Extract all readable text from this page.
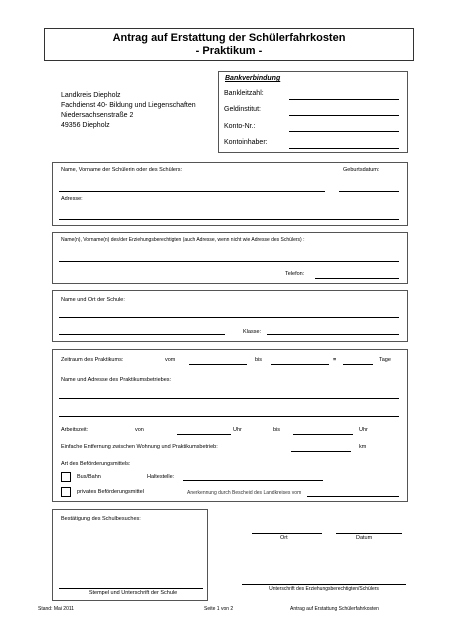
Antrag auf Erstattung der Schülerfahrkosten
- Praktikum -
Landkreis Diepholz
Fachdienst 40- Bildung und Liegenschaften
Niedersachsenstraße 2
49356 Diepholz
Bankverbindung
Bankleitzahl:
Geldinstitut:
Konto-Nr.:
Kontoinhaber:
Name, Vorname der Schülerin oder des Schülers:	Geburtsdatum:
Adresse:
Name(n), Vorname(n) des/der Erziehungsberechtigten (auch Adresse, wenn nicht wie Adresse des Schülers) :
Telefon:
Name und Ort der Schule:
Klasse:
Zeitraum des Praktikums:	vom	bis	=	Tage
Name und Adresse des Praktikumsbetriebes:
Arbeitszeit:	von	Uhr	bis	Uhr
Einfache Entfernung zwischen Wohnung und Praktikumsbetrieb:	km
Art des Beförderungsmittels:
Bus/Bahn	Haltestelle:
privates Beförderungsmittel	Anerkennung durch Bescheid des Landkreises vom
Bestätigung des Schulbesuches:
Stempel und Unterschrift der Schule
Ort	Datum
Unterschrift des Erziehungsberechtigten/Schülers
Stand: Mai 2011	Seite 1 von 2	Antrag auf Erstattung Schülerfahrkosten
